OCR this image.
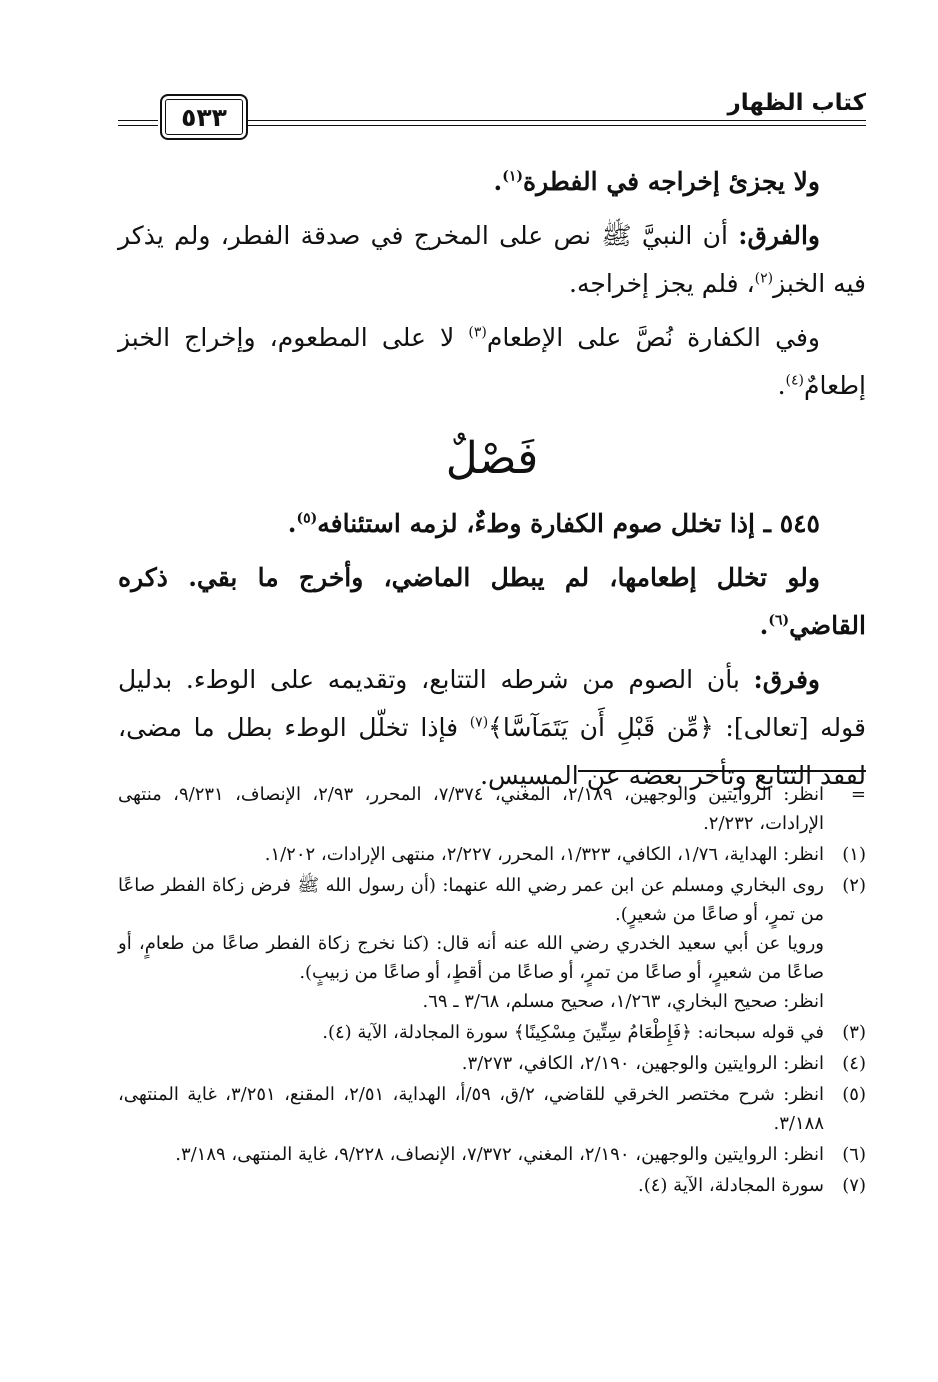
كتاب الظهار
٥٣٣

ولا يجزئ إخراجه في الفطرة$^{(١)}$.

والفرق: أن النبيَّ ﷺ نص على المخرج في صدقة الفطر، ولم يذكر فيه الخبز$^{(٢)}$، فلم يجز إخراجه.

وفي الكفارة نُصَّ على الإطعام$^{(٣)}$ لا على المطعوم، وإخراج الخبز إطعامٌ$^{(٤)}$.

فَصْلٌ

٥٤٥ ـ إذا تخلل صوم الكفارة وطءٌ، لزمه استئنافه$^{(٥)}$.

ولو تخلل إطعامها، لم يبطل الماضي، وأخرج ما بقي. ذكره القاضي$^{(٦)}$.

وفرق: بأن الصوم من شرطه التتابع، وتقديمه على الوطء. بدليل قوله [تعالى]: ﴿مِّن قَبْلِ أَن يَتَمَآسَّا﴾$^{(٧)}$ فإذا تخلّل الوطء بطل ما مضى، لفقد التتابع وتأخر بعضه عن المسيس.

=
انظر: الروايتين والوجهين، ٢/١٨٩، المغني، ٧/٣٧٤، المحرر، ٢/٩٣، الإنصاف، ٩/٢٣١، منتهى الإرادات، ٢/٢٣٢.
(١)
انظر: الهداية، ١/٧٦، الكافي، ١/٣٢٣، المحرر، ٢/٢٢٧، منتهى الإرادات، ١/٢٠٢.
(٢)
روى البخاري ومسلم عن ابن عمر رضي الله عنهما: (أن رسول الله ﷺ فرض زكاة الفطر صاعًا من تمرٍ، أو صاعًا من شعيرٍ).
ورويا عن أبي سعيد الخدري رضي الله عنه أنه قال: (كنا نخرج زكاة الفطر صاعًا من طعامٍ، أو صاعًا من شعيرٍ، أو صاعًا من تمرٍ، أو صاعًا من أقطٍ، أو صاعًا من زبيبٍ).
انظر: صحيح البخاري، ١/٢٦٣، صحيح مسلم، ٣/٦٨ ـ ٦٩.
(٣)
في قوله سبحانه: ﴿فَإِطْعَامُ سِتِّينَ مِسْكِينًا﴾ سورة المجادلة، الآية (٤).
(٤)
انظر: الروايتين والوجهين، ٢/١٩٠، الكافي، ٣/٢٧٣.
(٥)
انظر: شرح مختصر الخرقي للقاضي، ٢/ق، ٥٩/أ، الهداية، ٢/٥١، المقنع، ٣/٢٥١، غاية المنتهى، ٣/١٨٨.
(٦)
انظر: الروايتين والوجهين، ٢/١٩٠، المغني، ٧/٣٧٢، الإنصاف، ٩/٢٢٨، غاية المنتهى، ٣/١٨٩.
(٧)
سورة المجادلة، الآية (٤).
